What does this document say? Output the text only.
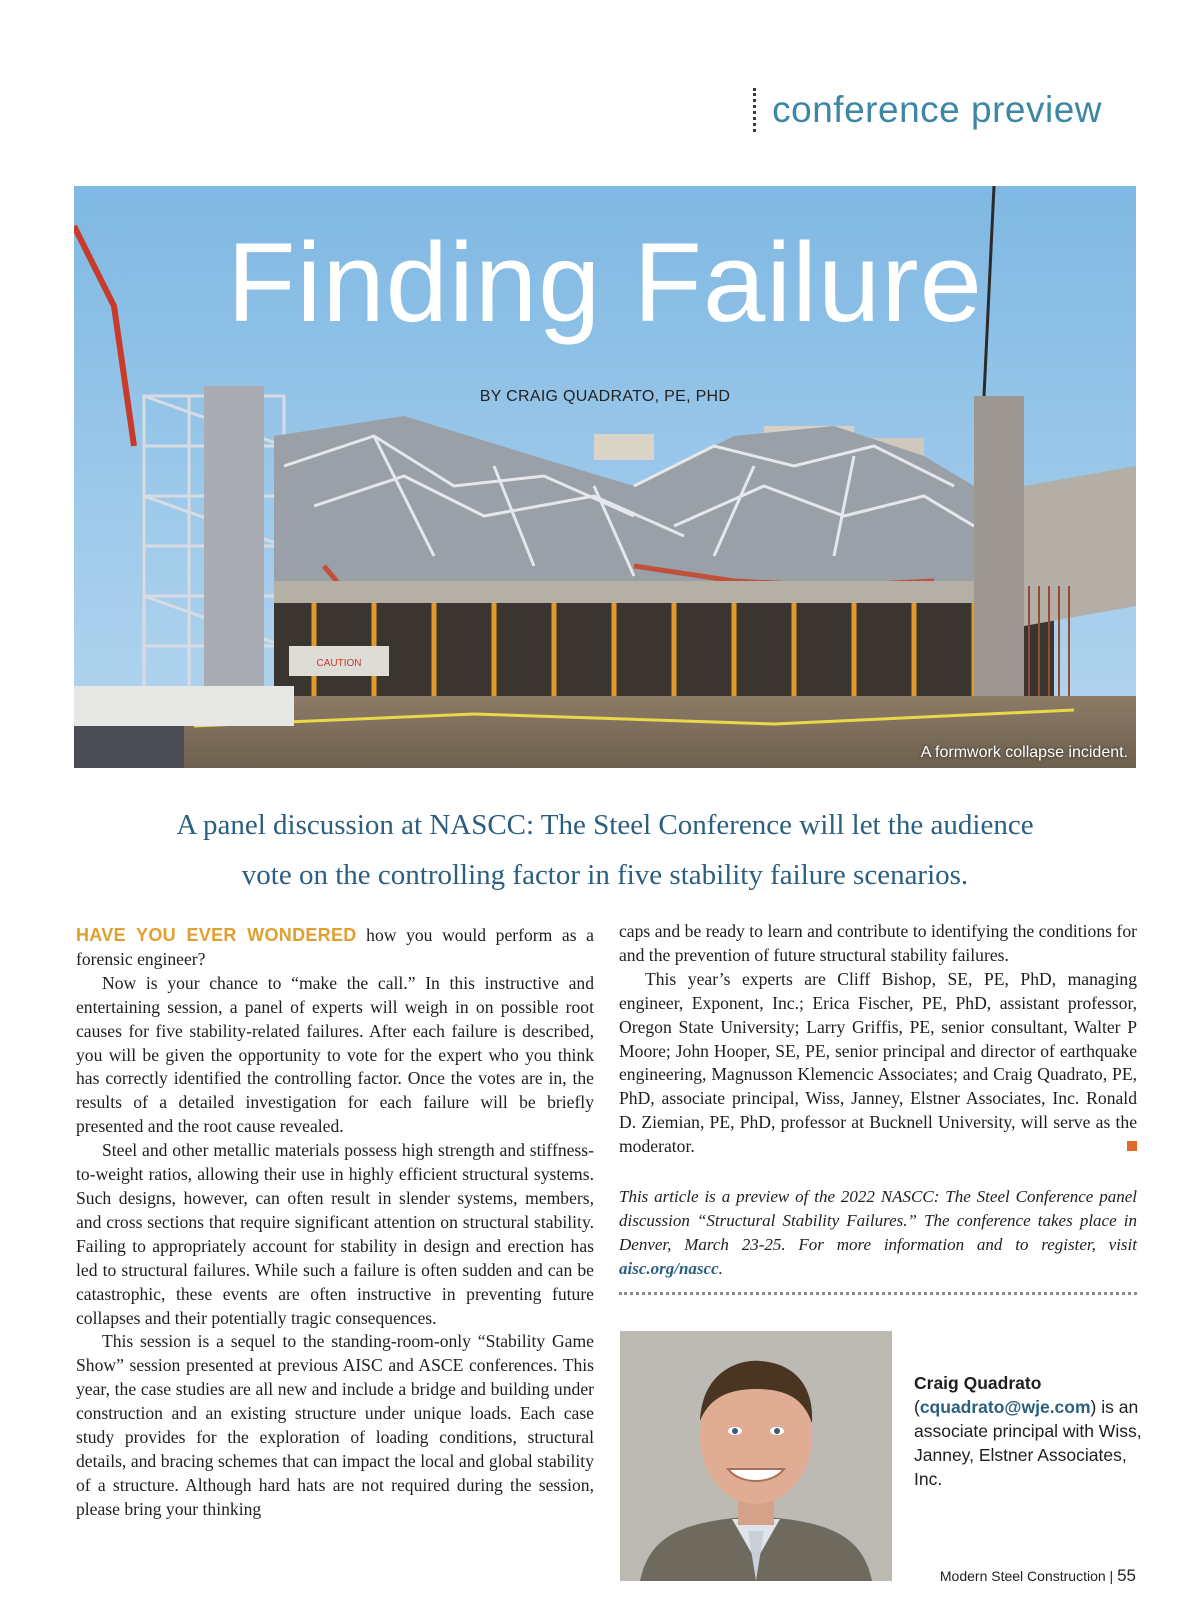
conference preview
CAUTION
Finding Failure
BY CRAIG QUADRATO, PE, PHD
A formwork collapse incident.
A panel discussion at NASCC: The Steel Conference will let the audience
vote on the controlling factor in five stability failure scenarios.

HAVE YOU EVER WONDERED how you would perform as a forensic engineer?

Now is your chance to “make the call.” In this instructive and entertaining session, a panel of experts will weigh in on possible root causes for five stability-related failures. After each failure is described, you will be given the opportunity to vote for the expert who you think has correctly identified the controlling factor. Once the votes are in, the results of a detailed investigation for each failure will be briefly presented and the root cause revealed.

Steel and other metallic materials possess high strength and stiffness-to-weight ratios, allowing their use in highly efficient structural systems. Such designs, however, can often result in slender systems, members, and cross sections that require significant attention on structural stability. Failing to appropriately account for stability in design and erection has led to structural failures. While such a failure is often sudden and can be catastrophic, these events are often instructive in preventing future collapses and their potentially tragic consequences.

This session is a sequel to the standing-room-only “Stability Game Show” session presented at previous AISC and ASCE conferences. This year, the case studies are all new and include a bridge and building under construction and an existing structure under unique loads. Each case study provides for the exploration of loading conditions, structural details, and bracing schemes that can impact the local and global stability of a structure. Although hard hats are not required during the session, please bring your thinking

caps and be ready to learn and contribute to identifying the conditions for and the prevention of future structural stability failures.

This year’s experts are Cliff Bishop, SE, PE, PhD, managing engineer, Exponent, Inc.; Erica Fischer, PE, PhD, assistant professor, Oregon State University; Larry Griffis, PE, senior consultant, Walter P Moore; John Hooper, SE, PE, senior principal and director of earthquake engineering, Magnusson Klemencic Associates; and Craig Quadrato, PE, PhD, associate principal, Wiss, Janney, Elstner Associates, Inc. Ronald D. Ziemian, PE, PhD, professor at Bucknell University, will serve as the moderator.

This article is a preview of the 2022 NASCC: The Steel Conference panel discussion “Structural Stability Failures.” The conference takes place in Denver, March 23-25. For more information and to register, visit aisc.org/nascc.
Craig Quadrato
(cquadrato@wje.com) is an associate principal with Wiss, Janney, Elstner Associates, Inc.
Modern Steel Construction | 55
